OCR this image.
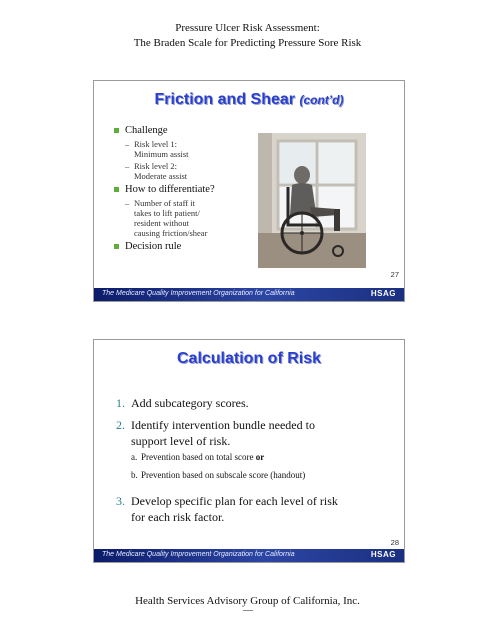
Pressure Ulcer Risk Assessment:
The Braden Scale for Predicting Pressure Sore Risk
Friction and Shear (cont’d)
Challenge
– Risk level 1:
Minimum assist
– Risk level 2:
Moderate assist
How to differentiate?
– Number of staff it
takes to lift patient/
resident without
causing friction/shear
Decision rule
27
The Medicare Quality Improvement Organization for California	HSAG
Calculation of Risk
1. Add subcategory scores.
2. Identify intervention bundle needed to
support level of risk.
a. Prevention based on total score or
b. Prevention based on subscale score (handout)
3. Develop specific plan for each level of risk
for each risk factor.
28
The Medicare Quality Improvement Organization for California	HSAG
Health Services Advisory Group of California, Inc.
